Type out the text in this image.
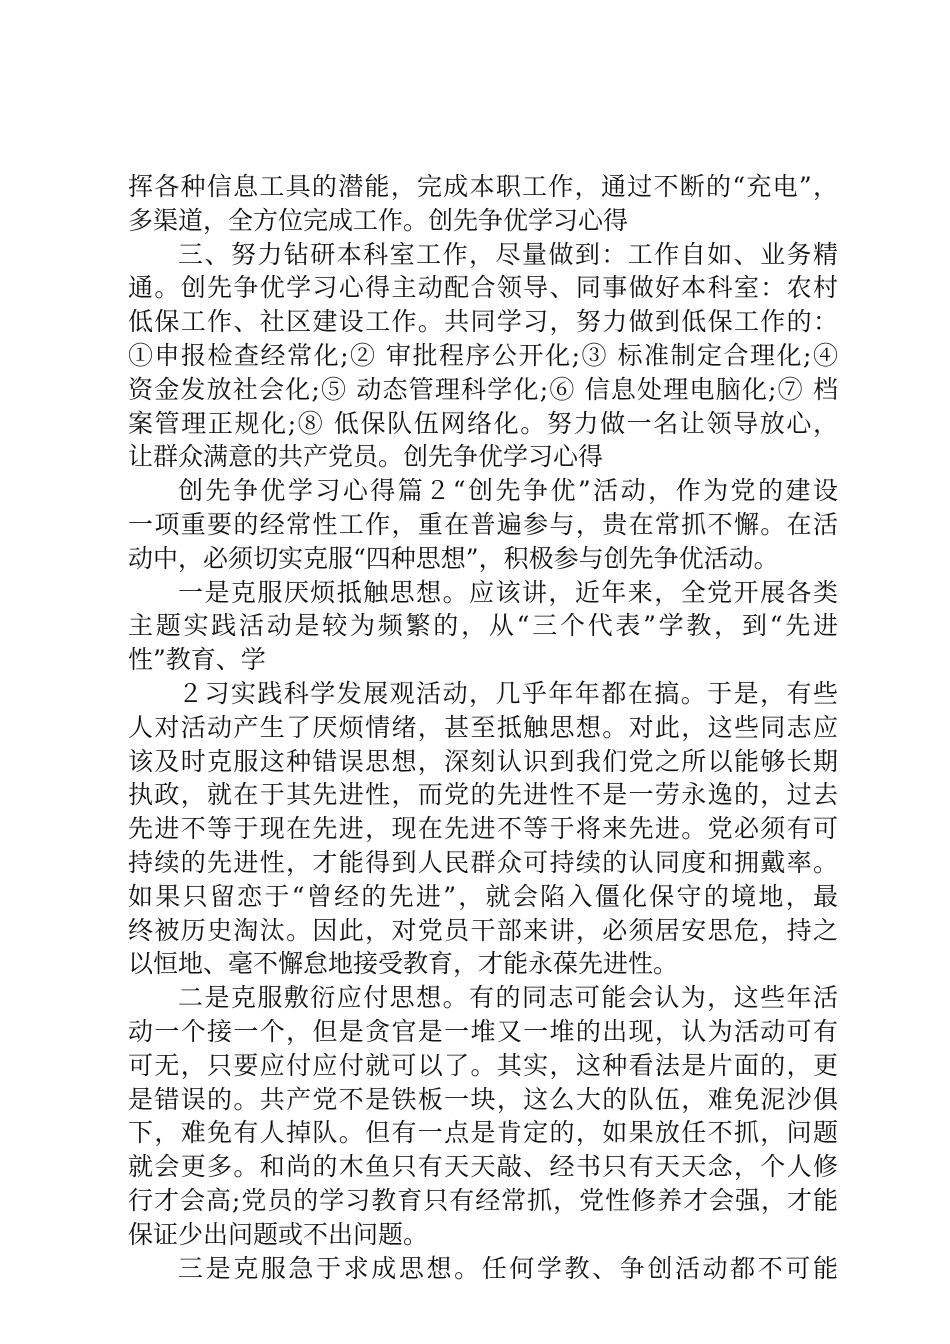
挥各种信息工具的潜能，完成本职工作，通过不断的“充电”，
多渠道，全方位完成工作。创先争优学习心得
三、努力钻研本科室工作，尽量做到：工作自如、业务精
通。创先争优学习心得主动配合领导、同事做好本科室：农村
低保工作、社区建设工作。共同学习，努力做到低保工作的：
①申报检查经常化;② 审批程序公开化;③ 标准制定合理化;④
资金发放社会化;⑤ 动态管理科学化;⑥ 信息处理电脑化;⑦ 档
案管理正规化;⑧ 低保队伍网络化。努力做一名让领导放心，
让群众满意的共产党员。创先争优学习心得
创先争优学习心得篇２“创先争优”活动，作为党的建设
一项重要的经常性工作，重在普遍参与，贵在常抓不懈。在活
动中，必须切实克服“四种思想”，积极参与创先争优活动。
一是克服厌烦抵触思想。应该讲，近年来，全党开展各类
主题实践活动是较为频繁的，从“三个代表”学教，到“先进
性”教育、学
２习实践科学发展观活动，几乎年年都在搞。于是，有些
人对活动产生了厌烦情绪，甚至抵触思想。对此，这些同志应
该及时克服这种错误思想，深刻认识到我们党之所以能够长期
执政，就在于其先进性，而党的先进性不是一劳永逸的，过去
先进不等于现在先进，现在先进不等于将来先进。党必须有可
持续的先进性，才能得到人民群众可持续的认同度和拥戴率。
如果只留恋于“曾经的先进”，就会陷入僵化保守的境地，最
终被历史淘汰。因此，对党员干部来讲，必须居安思危，持之
以恒地、毫不懈怠地接受教育，才能永葆先进性。
二是克服敷衍应付思想。有的同志可能会认为，这些年活
动一个接一个，但是贪官是一堆又一堆的出现，认为活动可有
可无，只要应付应付就可以了。其实，这种看法是片面的，更
是错误的。共产党不是铁板一块，这么大的队伍，难免泥沙俱
下，难免有人掉队。但有一点是肯定的，如果放任不抓，问题
就会更多。和尚的木鱼只有天天敲、经书只有天天念，个人修
行才会高;党员的学习教育只有经常抓，党性修养才会强，才能
保证少出问题或不出问题。
三是克服急于求成思想。任何学教、争创活动都不可能
